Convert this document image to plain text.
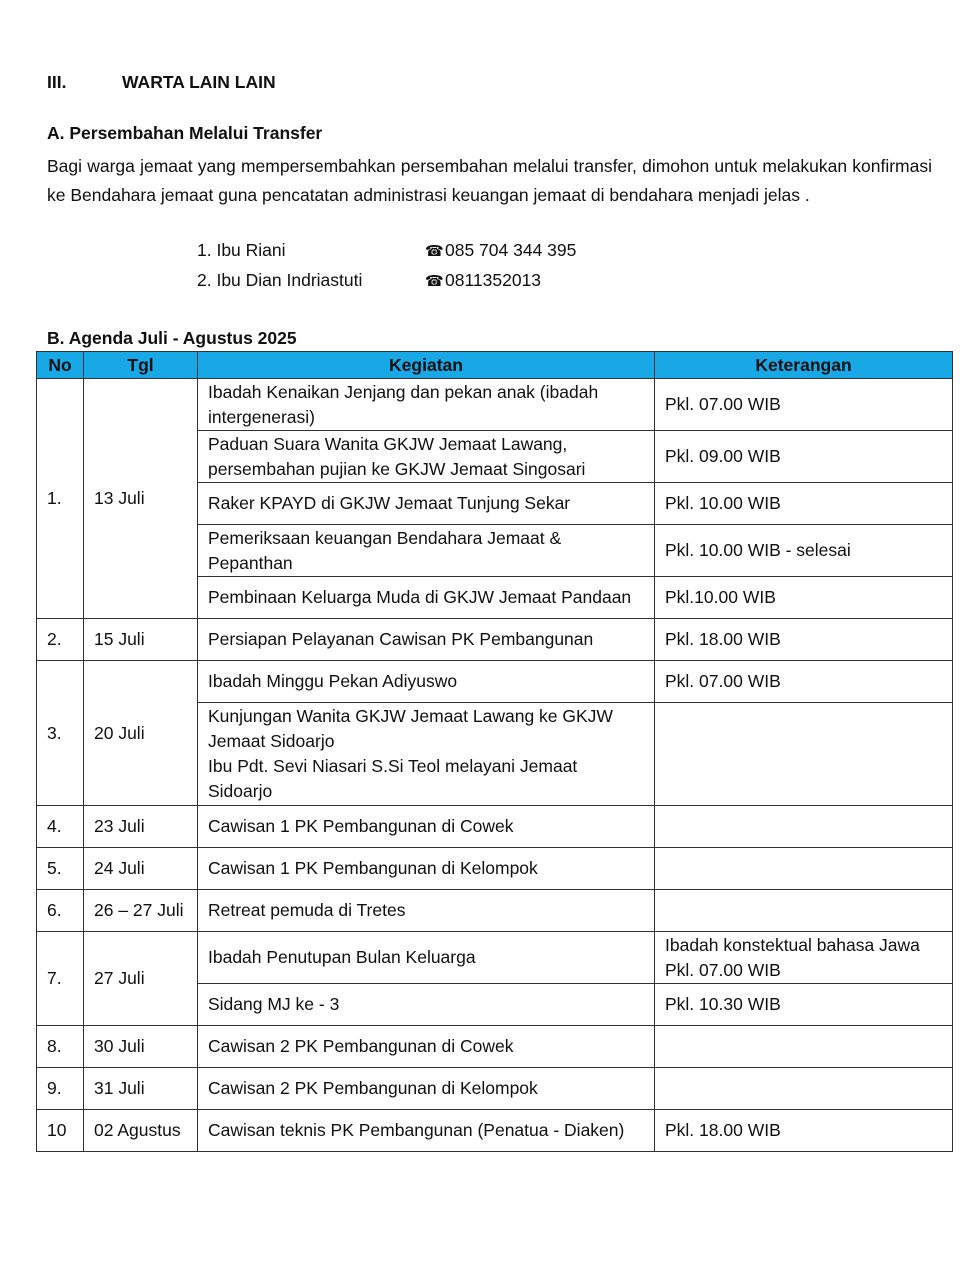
III.	WARTA LAIN LAIN
A. Persembahan Melalui Transfer
Bagi warga jemaat yang mempersembahkan persembahan melalui transfer, dimohon untuk melakukan konfirmasi ke Bendahara jemaat guna pencatatan administrasi keuangan jemaat di bendahara menjadi jelas .
1. Ibu Riani	☎085 704 344 395
2. Ibu Dian Indriastuti	☎0811352013
B. Agenda Juli - Agustus 2025
No	Tgl	Kegiatan	Keterangan
1.	13 Juli	Ibadah Kenaikan Jenjang dan pekan anak (ibadah intergenerasi)	Pkl. 07.00 WIB
		Paduan Suara Wanita GKJW Jemaat Lawang, persembahan pujian ke GKJW Jemaat Singosari	Pkl. 09.00 WIB
		Raker KPAYD di GKJW Jemaat Tunjung Sekar	Pkl. 10.00 WIB
		Pemeriksaan keuangan Bendahara Jemaat & Pepanthan	Pkl. 10.00 WIB - selesai
		Pembinaan Keluarga Muda di GKJW Jemaat Pandaan	Pkl.10.00 WIB
2.	15 Juli	Persiapan Pelayanan Cawisan PK Pembangunan	Pkl. 18.00 WIB
3.	20 Juli	Ibadah Minggu Pekan Adiyuswo	Pkl. 07.00 WIB
		Kunjungan Wanita GKJW Jemaat Lawang ke GKJW Jemaat Sidoarjo
Ibu Pdt. Sevi Niasari S.Si Teol melayani Jemaat Sidoarjo	
4.	23 Juli	Cawisan 1 PK Pembangunan di Cowek	
5.	24 Juli	Cawisan 1 PK Pembangunan di Kelompok	
6.	26 – 27 Juli	Retreat pemuda di Tretes	
7.	27 Juli	Ibadah Penutupan Bulan Keluarga	Ibadah konstektual bahasa Jawa
Pkl. 07.00 WIB
		Sidang MJ ke - 3	Pkl. 10.30 WIB
8.	30 Juli	Cawisan 2 PK Pembangunan di Cowek	
9.	31 Juli	Cawisan 2 PK Pembangunan di Kelompok	
10	02 Agustus	Cawisan teknis PK Pembangunan (Penatua - Diaken)	Pkl. 18.00 WIB
